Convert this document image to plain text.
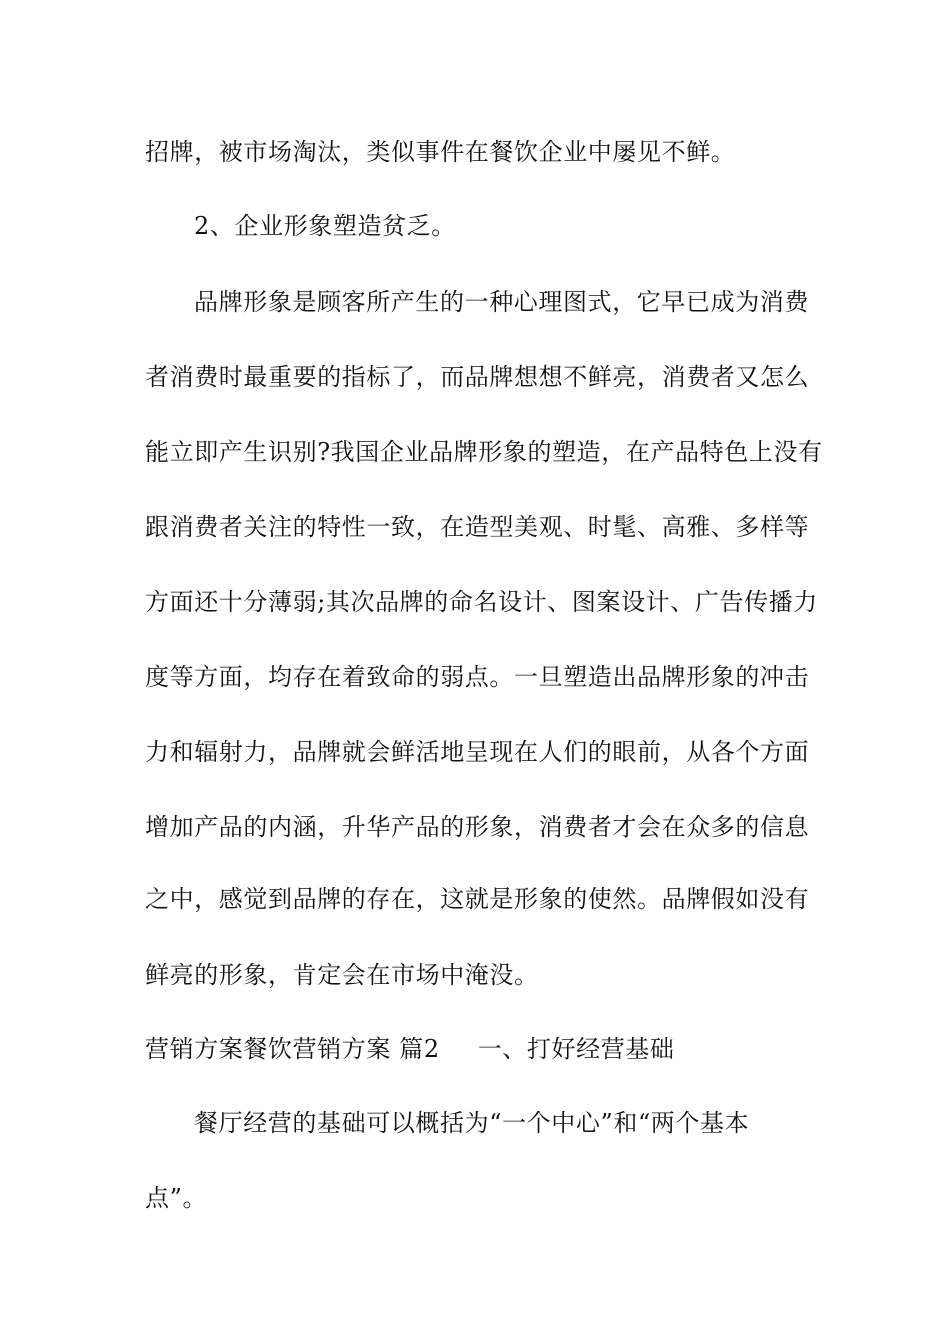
招牌，被市场淘汰，类似事件在餐饮企业中屡见不鲜。
2、企业形象塑造贫乏。
品牌形象是顾客所产生的一种心理图式，它早已成为消费
者消费时最重要的指标了，而品牌想想不鲜亮，消费者又怎么
能立即产生识别?我国企业品牌形象的塑造，在产品特色上没有
跟消费者关注的特性一致，在造型美观、时髦、高雅、多样等
方面还十分薄弱;其次品牌的命名设计、图案设计、广告传播力
度等方面，均存在着致命的弱点。一旦塑造出品牌形象的冲击
力和辐射力，品牌就会鲜活地呈现在人们的眼前，从各个方面
增加产品的内涵，升华产品的形象，消费者才会在众多的信息
之中，感觉到品牌的存在，这就是形象的使然。品牌假如没有
鲜亮的形象，肯定会在市场中淹没。
营销方案餐饮营销方案 篇2 一、打好经营基础
餐厅经营的基础可以概括为“一个中心”和“两个基本
点”。
